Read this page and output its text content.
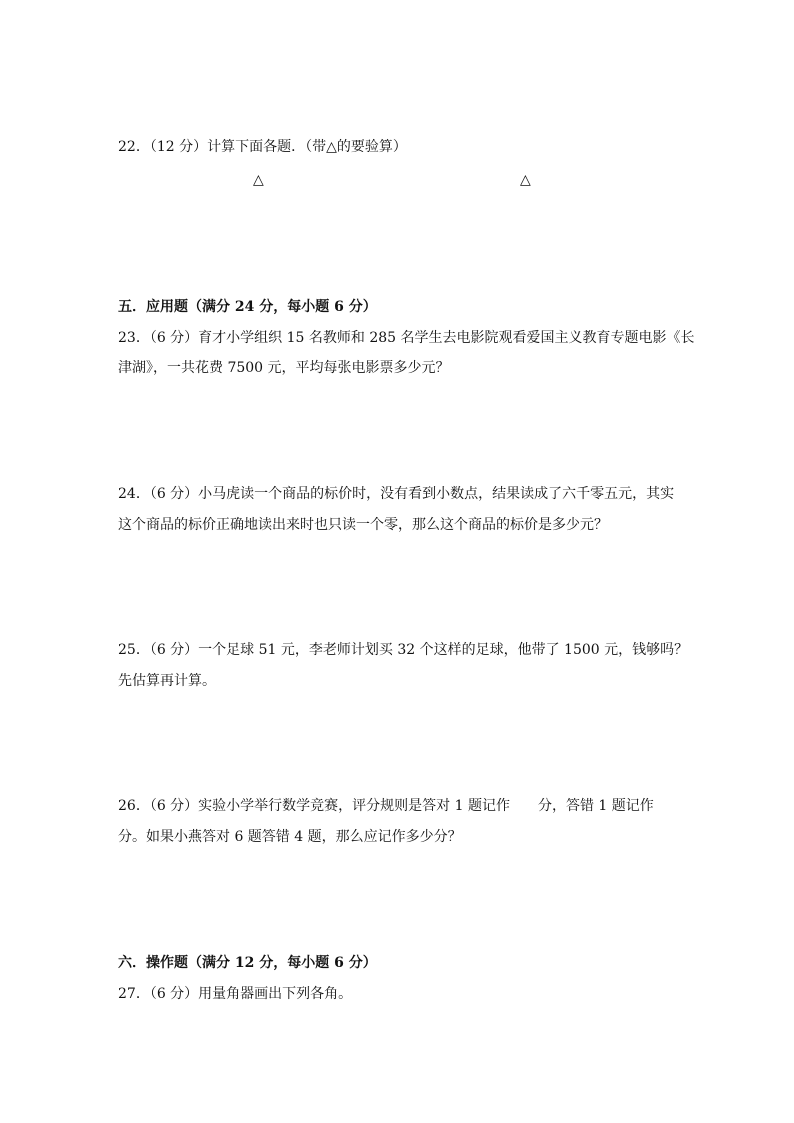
22．（12 分）计算下面各题．（带△的要验算）
△	△
五．应用题（满分 24 分，每小题 6 分）
23．（6 分）育才小学组织 15 名教师和 285 名学生去电影院观看爱国主义教育专题电影《长
津湖》，一共花费 7500 元，平均每张电影票多少元？
24．（6 分）小马虎读一个商品的标价时，没有看到小数点，结果读成了六千零五元，其实
这个商品的标价正确地读出来时也只读一个零，那么这个商品的标价是多少元？
25．（6 分）一个足球 51 元，李老师计划买 32 个这样的足球，他带了 1500 元，钱够吗？
先估算再计算。
26．（6 分）实验小学举行数学竞赛，评分规则是答对 1 题记作　　分，答错 1 题记作
分。如果小燕答对 6 题答错 4 题，那么应记作多少分？
六．操作题（满分 12 分，每小题 6 分）
27．（6 分）用量角器画出下列各角。
